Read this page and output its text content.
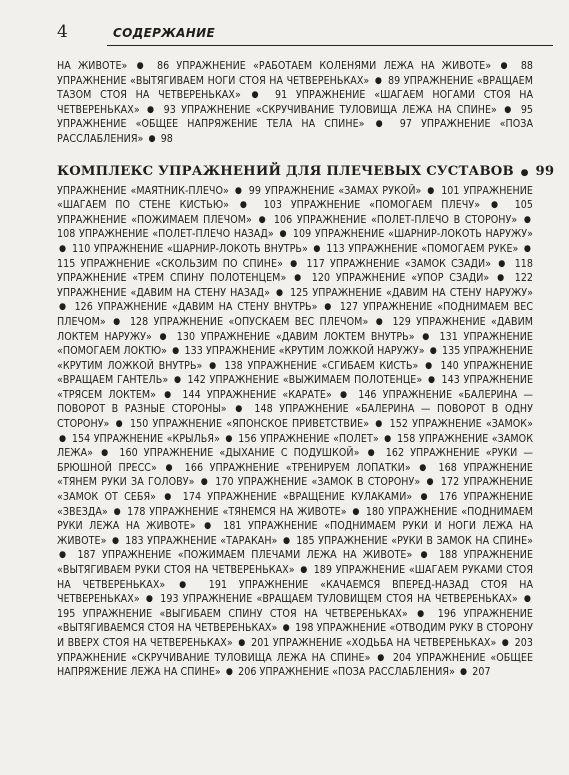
4	СОДЕРЖАНИЕ

НА ЖИВОТЕ» ● 86 УПРАЖНЕНИЕ «РАБОТАЕМ КОЛЕНЯМИ ЛЕЖА НА ЖИВОТЕ» ● 88 УПРАЖНЕНИЕ «ВЫТЯГИВАЕМ НОГИ СТОЯ НА ЧЕТВЕРЕНЬКАХ» ● 89 УПРАЖНЕНИЕ «ВРАЩАЕМ ТАЗОМ СТОЯ НА ЧЕТВЕРЕНЬКАХ» ● 91 УПРАЖНЕНИЕ «ШАГАЕМ НОГАМИ СТОЯ НА ЧЕТВЕРЕНЬКАХ» ● 93 УПРАЖНЕНИЕ «СКРУЧИВАНИЕ ТУЛОВИЩА ЛЕЖА НА СПИНЕ» ● 95 УПРАЖНЕНИЕ «ОБЩЕЕ НАПРЯЖЕНИЕ ТЕЛА НА СПИНЕ» ● 97 УПРАЖНЕНИЕ «ПОЗА РАССЛАБЛЕНИЯ» ● 98

КОМПЛЕКС УПРАЖНЕНИЙ ДЛЯ ПЛЕЧЕВЫХ СУСТАВОВ ● 99

УПРАЖНЕНИЕ «МАЯТНИК-ПЛЕЧО» ● 99 УПРАЖНЕНИЕ «ЗАМАХ РУКОЙ» ● 101 УПРАЖНЕНИЕ «ШАГАЕМ ПО СТЕНЕ КИСТЬЮ» ● 103 УПРАЖНЕНИЕ «ПОМОГАЕМ ПЛЕЧУ» ● 105 УПРАЖНЕНИЕ «ПОЖИМАЕМ ПЛЕЧОМ» ● 106 УПРАЖНЕНИЕ «ПОЛЕТ-ПЛЕЧО В СТОРОНУ» ● 108 УПРАЖНЕНИЕ «ПОЛЕТ-ПЛЕЧО НАЗАД» ● 109 УПРАЖНЕНИЕ «ШАРНИР-ЛОКОТЬ НАРУЖУ» ● 110 УПРАЖНЕНИЕ «ШАРНИР-ЛОКОТЬ ВНУТРЬ» ● 113 УПРАЖНЕНИЕ «ПОМОГАЕМ РУКЕ» ● 115 УПРАЖНЕНИЕ «СКОЛЬЗИМ ПО СПИНЕ» ● 117 УПРАЖНЕНИЕ «ЗАМОК СЗАДИ» ● 118 УПРАЖНЕНИЕ «ТРЕМ СПИНУ ПОЛОТЕНЦЕМ» ● 120 УПРАЖНЕНИЕ «УПОР СЗАДИ» ● 122 УПРАЖНЕНИЕ «ДАВИМ НА СТЕНУ НАЗАД» ● 125 УПРАЖНЕНИЕ «ДАВИМ НА СТЕНУ НАРУЖУ» ● 126 УПРАЖНЕНИЕ «ДАВИМ НА СТЕНУ ВНУТРЬ» ● 127 УПРАЖНЕНИЕ «ПОДНИМАЕМ ВЕС ПЛЕЧОМ» ● 128 УПРАЖНЕНИЕ «ОПУСКАЕМ ВЕС ПЛЕЧОМ» ● 129 УПРАЖНЕНИЕ «ДАВИМ ЛОКТЕМ НАРУЖУ» ● 130 УПРАЖНЕНИЕ «ДАВИМ ЛОКТЕМ ВНУТРЬ» ● 131 УПРАЖНЕНИЕ «ПОМОГАЕМ ЛОКТЮ» ● 133 УПРАЖНЕНИЕ «КРУТИМ ЛОЖКОЙ НАРУЖУ» ● 135 УПРАЖНЕНИЕ «КРУТИМ ЛОЖКОЙ ВНУТРЬ» ● 138 УПРАЖНЕНИЕ «СГИБАЕМ КИСТЬ» ● 140 УПРАЖНЕНИЕ «ВРАЩАЕМ ГАНТЕЛЬ» ● 142 УПРАЖНЕНИЕ «ВЫЖИМАЕМ ПОЛОТЕНЦЕ» ● 143 УПРАЖНЕНИЕ «ТРЯСЕМ ЛОКТЕМ» ● 144 УПРАЖНЕНИЕ «КАРАТЕ» ● 146 УПРАЖНЕНИЕ «БАЛЕРИНА — ПОВОРОТ В РАЗНЫЕ СТОРОНЫ» ● 148 УПРАЖНЕНИЕ «БАЛЕРИНА — ПОВОРОТ В ОДНУ СТОРОНУ» ● 150 УПРАЖНЕНИЕ «ЯПОНСКОЕ ПРИВЕТСТВИЕ» ● 152 УПРАЖНЕНИЕ «ЗАМОК» ● 154 УПРАЖНЕНИЕ «КРЫЛЬЯ» ● 156 УПРАЖНЕНИЕ «ПОЛЕТ» ● 158 УПРАЖНЕНИЕ «ЗАМОК ЛЕЖА» ● 160 УПРАЖНЕНИЕ «ДЫХАНИЕ С ПОДУШКОЙ» ● 162 УПРАЖНЕНИЕ «РУКИ — БРЮШНОЙ ПРЕСС» ● 166 УПРАЖНЕНИЕ «ТРЕНИРУЕМ ЛОПАТКИ» ● 168 УПРАЖНЕНИЕ «ТЯНЕМ РУКИ ЗА ГОЛОВУ» ● 170 УПРАЖНЕНИЕ «ЗАМОК В СТОРОНУ» ● 172 УПРАЖНЕНИЕ «ЗАМОК ОТ СЕБЯ» ● 174 УПРАЖНЕНИЕ «ВРАЩЕНИЕ КУЛАКАМИ» ● 176 УПРАЖНЕНИЕ «ЗВЕЗДА» ● 178 УПРАЖНЕНИЕ «ТЯНЕМСЯ НА ЖИВОТЕ» ● 180 УПРАЖНЕНИЕ «ПОДНИМАЕМ РУКИ ЛЕЖА НА ЖИВОТЕ» ● 181 УПРАЖНЕНИЕ «ПОДНИМАЕМ РУКИ И НОГИ ЛЕЖА НА ЖИВОТЕ» ● 183 УПРАЖНЕНИЕ «ТАРАКАН» ● 185 УПРАЖНЕНИЕ «РУКИ В ЗАМОК НА СПИНЕ» ● 187 УПРАЖНЕНИЕ «ПОЖИМАЕМ ПЛЕЧАМИ ЛЕЖА НА ЖИВОТЕ» ● 188 УПРАЖНЕНИЕ «ВЫТЯГИВАЕМ РУКИ СТОЯ НА ЧЕТВЕРЕНЬКАХ» ● 189 УПРАЖНЕНИЕ «ШАГАЕМ РУКАМИ СТОЯ НА ЧЕТВЕРЕНЬКАХ» ● 191 УПРАЖНЕНИЕ «КАЧАЕМСЯ ВПЕРЕД-НАЗАД СТОЯ НА ЧЕТВЕРЕНЬКАХ» ● 193 УПРАЖНЕНИЕ «ВРАЩАЕМ ТУЛОВИЩЕМ СТОЯ НА ЧЕТВЕРЕНЬКАХ» ● 195 УПРАЖНЕНИЕ «ВЫГИБАЕМ СПИНУ СТОЯ НА ЧЕТВЕРЕНЬКАХ» ● 196 УПРАЖНЕНИЕ «ВЫТЯГИВАЕМСЯ СТОЯ НА ЧЕТВЕРЕНЬКАХ» ● 198 УПРАЖНЕНИЕ «ОТВОДИМ РУКУ В СТОРОНУ И ВВЕРХ СТОЯ НА ЧЕТВЕРЕНЬКАХ» ● 201 УПРАЖНЕНИЕ «ХОДЬБА НА ЧЕТВЕРЕНЬКАХ» ● 203 УПРАЖНЕНИЕ «СКРУЧИВАНИЕ ТУЛОВИЩА ЛЕЖА НА СПИНЕ» ● 204 УПРАЖНЕНИЕ «ОБЩЕЕ НАПРЯЖЕНИЕ ЛЕЖА НА СПИНЕ» ● 206 УПРАЖНЕНИЕ «ПОЗА РАССЛАБЛЕНИЯ» ● 207
